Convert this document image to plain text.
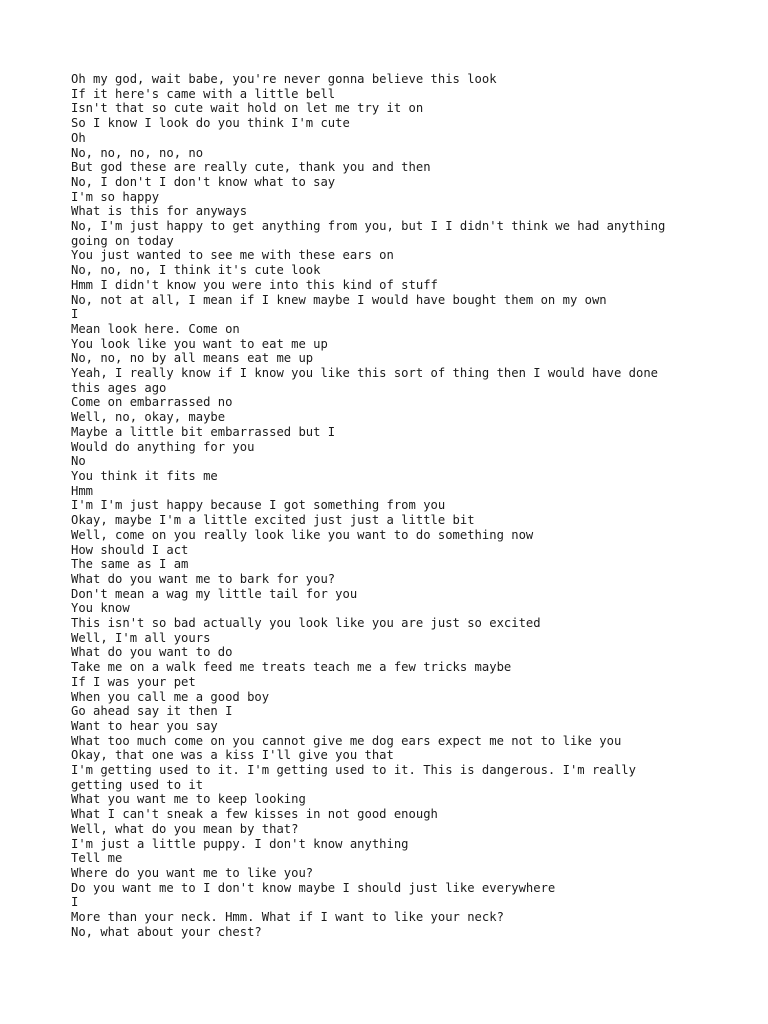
Oh my god, wait babe, you're never gonna believe this look
If it here's came with a little bell
Isn't that so cute wait hold on let me try it on
So I know I look do you think I'm cute
Oh
No, no, no, no, no
But god these are really cute, thank you and then
No, I don't I don't know what to say
I'm so happy
What is this for anyways
No, I'm just happy to get anything from you, but I I didn't think we had anything going on today
You just wanted to see me with these ears on
No, no, no, I think it's cute look
Hmm I didn't know you were into this kind of stuff
No, not at all, I mean if I knew maybe I would have bought them on my own
I
Mean look here. Come on
You look like you want to eat me up
No, no, no by all means eat me up
Yeah, I really know if I know you like this sort of thing then I would have done this ages ago
Come on embarrassed no
Well, no, okay, maybe
Maybe a little bit embarrassed but I
Would do anything for you
No
You think it fits me
Hmm
I'm I'm just happy because I got something from you
Okay, maybe I'm a little excited just just a little bit
Well, come on you really look like you want to do something now
How should I act
The same as I am
What do you want me to bark for you?
Don't mean a wag my little tail for you
You know
This isn't so bad actually you look like you are just so excited
Well, I'm all yours
What do you want to do
Take me on a walk feed me treats teach me a few tricks maybe
If I was your pet
When you call me a good boy
Go ahead say it then I
Want to hear you say
What too much come on you cannot give me dog ears expect me not to like you
Okay, that one was a kiss I'll give you that
I'm getting used to it. I'm getting used to it. This is dangerous. I'm really getting used to it
What you want me to keep looking
What I can't sneak a few kisses in not good enough
Well, what do you mean by that?
I'm just a little puppy. I don't know anything
Tell me
Where do you want me to like you?
Do you want me to I don't know maybe I should just like everywhere
I
More than your neck. Hmm. What if I want to like your neck?
No, what about your chest?
